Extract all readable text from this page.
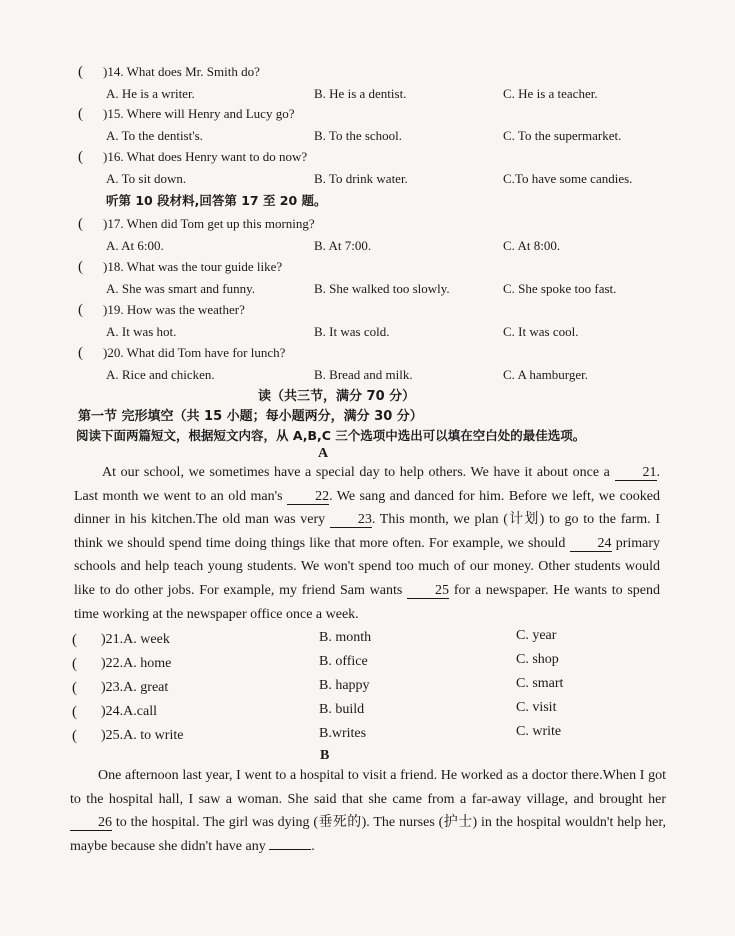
( )14. What does Mr. Smith do?
A. He is a writer.	B. He is a dentist.	C. He is a teacher.
( )15. Where will Henry and Lucy go?
A. To the dentist's.	B. To the school.	C. To the supermarket.
( )16. What does Henry want to do now?
A. To sit down.	B. To drink water.	C.To have some candies.
( )17. When did Tom get up this morning?
A. At 6:00.	B. At 7:00.	C. At 8:00.
( )18. What was the tour guide like?
A. She was smart and funny.	B. She walked too slowly.	C. She spoke too fast.
( )19. How was the weather?
A. It was hot.	B. It was cold.	C. It was cool.
( )20. What did Tom have for lunch?
A. Rice and chicken.	B. Bread and milk.	C. A hamburger.
听第 10 段材料,回答第 17 至 20 题。
读（共三节，满分 70 分）
第一节 完形填空（共 15 小题；每小题两分，满分 30 分）
阅读下面两篇短文，根据短文内容，从 A,B,C 三个选项中选出可以填在空白处的最佳选项。
A

At our school, we sometimes have a special day to help others. We have it about once a 21. Last month we went to an old man's 22. We sang and danced for him. Before we left, we cooked dinner in his kitchen.The old man was very 23. This month, we plan (计划) to go to the farm. I think we should spend time doing things like that more often. For example, we should 24 primary schools and help teach young students. We won't spend too much of our money. Other students would like to do other jobs. For example, my friend Sam wants 25 for a newspaper. He wants to spend time working at the newspaper office once a week.

( )21.A. week	B. month	C. year
( )22.A. home	B. office	C. shop
( )23.A. great	B. happy	C. smart
( )24.A.call	B. build	C. visit
( )25.A. to write	B.writes	C. write
B

One afternoon last year, I went to a hospital to visit a friend. He worked as a doctor there.When I got to the hospital hall, I saw a woman. She said that she came from a far-away village, and brought her 26 to the hospital. The girl was dying (垂死的). The nurses (护士) in the hospital wouldn't help her, maybe because she didn't have any	.
